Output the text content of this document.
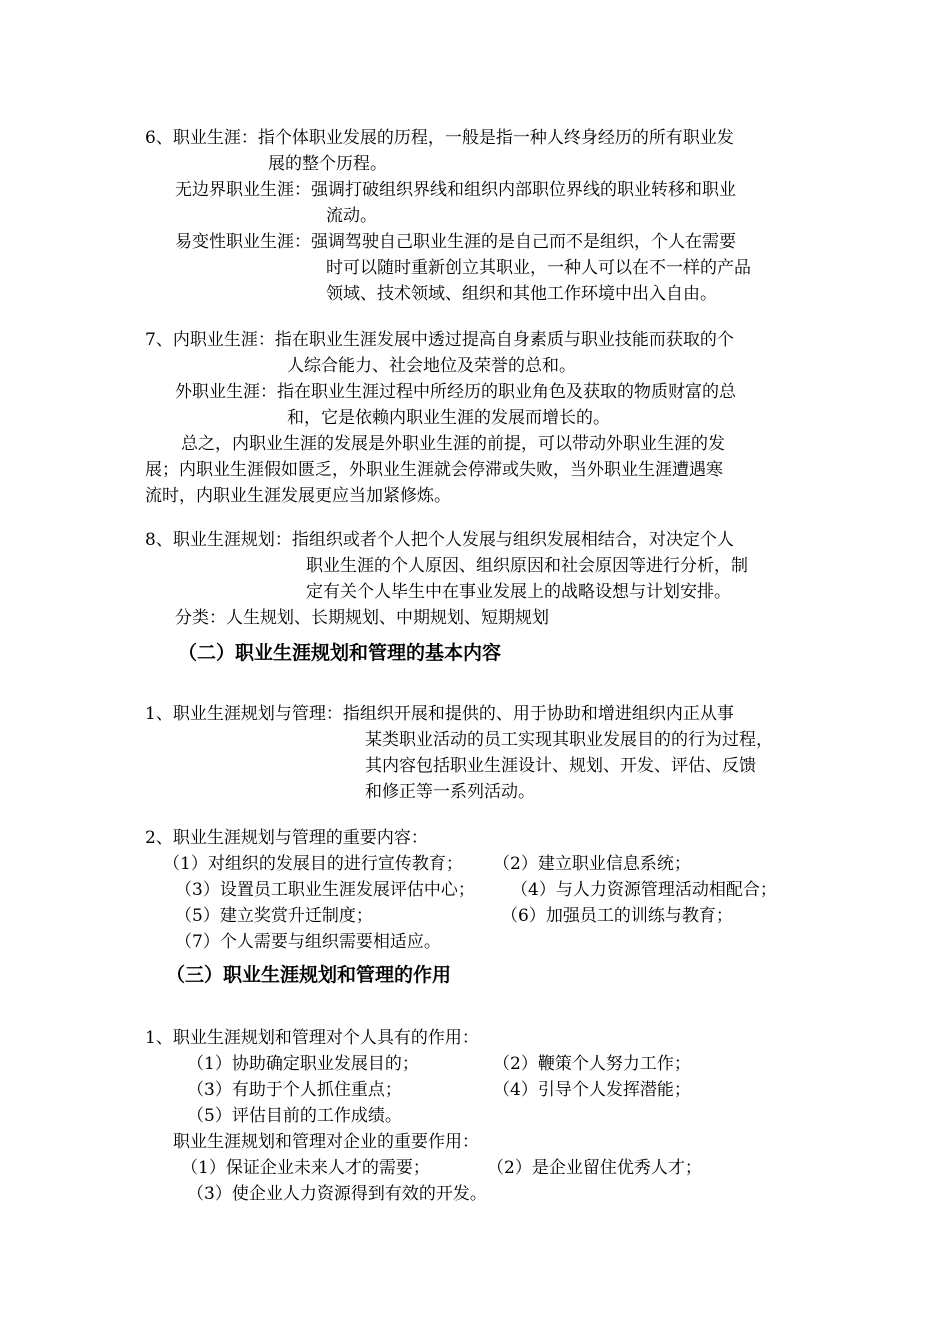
6、职业生涯：指个体职业发展的历程，一般是指一种人终身经历的所有职业发
展的整个历程。
无边界职业生涯：强调打破组织界线和组织内部职位界线的职业转移和职业
流动。
易变性职业生涯：强调驾驶自己职业生涯的是自己而不是组织，个人在需要
时可以随时重新创立其职业，一种人可以在不一样的产品
领域、技术领域、组织和其他工作环境中出入自由。
7、内职业生涯：指在职业生涯发展中透过提高自身素质与职业技能而获取的个
人综合能力、社会地位及荣誉的总和。
外职业生涯：指在职业生涯过程中所经历的职业角色及获取的物质财富的总
和，它是依赖内职业生涯的发展而增长的。
总之，内职业生涯的发展是外职业生涯的前提，可以带动外职业生涯的发
展；内职业生涯假如匮乏，外职业生涯就会停滞或失败，当外职业生涯遭遇寒
流时，内职业生涯发展更应当加紧修炼。
8、职业生涯规划：指组织或者个人把个人发展与组织发展相结合，对决定个人
职业生涯的个人原因、组织原因和社会原因等进行分析，制
定有关个人毕生中在事业发展上的战略设想与计划安排。
分类：人生规划、长期规划、中期规划、短期规划
（二）职业生涯规划和管理的基本内容
1、职业生涯规划与管理：指组织开展和提供的、用于协助和增进组织内正从事
某类职业活动的员工实现其职业发展目的的行为过程，
其内容包括职业生涯设计、规划、开发、评估、反馈
和修正等一系列活动。
2、职业生涯规划与管理的重要内容：
（1）对组织的发展目的进行宣传教育； （2）建立职业信息系统；
（3）设置员工职业生涯发展评估中心； （4）与人力资源管理活动相配合；
（5）建立奖赏升迁制度；	（6）加强员工的训练与教育；
（7）个人需要与组织需要相适应。
（三）职业生涯规划和管理的作用
1、职业生涯规划和管理对个人具有的作用：
（1）协助确定职业发展目的；	（2）鞭策个人努力工作；
（3）有助于个人抓住重点；	（4）引导个人发挥潜能；
（5）评估目前的工作成绩。
职业生涯规划和管理对企业的重要作用：
（1）保证企业未来人才的需要；	（2）是企业留住优秀人才；
（3）使企业人力资源得到有效的开发。
